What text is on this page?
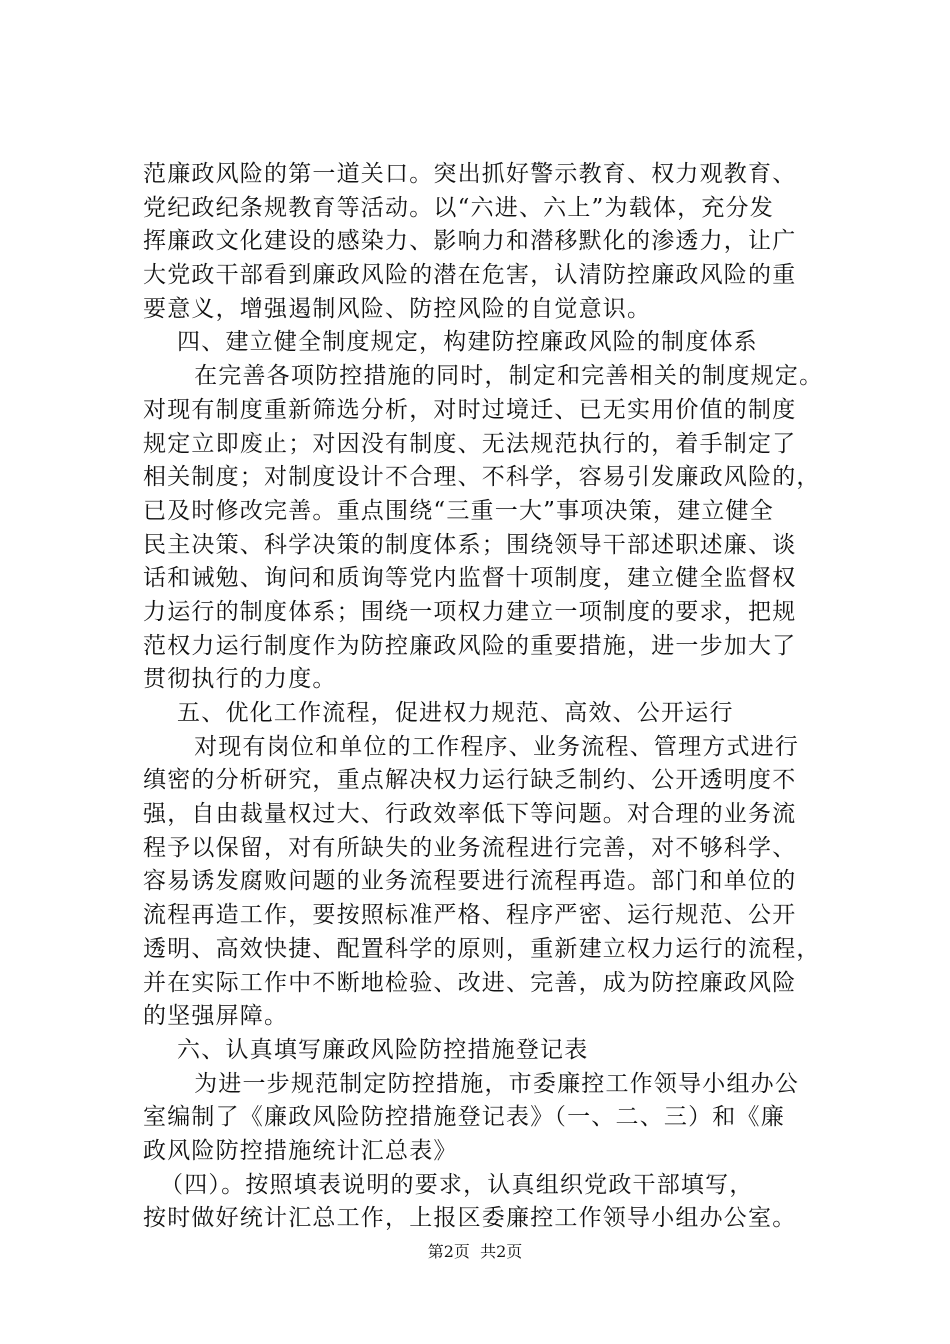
范廉政风险的第一道关口。突出抓好警示教育、权力观教育、
党纪政纪条规教育等活动。以“六进、六上”为载体，充分发
挥廉政文化建设的感染力、影响力和潜移默化的渗透力，让广
大党政干部看到廉政风险的潜在危害，认清防控廉政风险的重
要意义，增强遏制风险、防控风险的自觉意识。
四、建立健全制度规定，构建防控廉政风险的制度体系
在完善各项防控措施的同时，制定和完善相关的制度规定。
对现有制度重新筛选分析，对时过境迁、已无实用价值的制度
规定立即废止；对因没有制度、无法规范执行的，着手制定了
相关制度；对制度设计不合理、不科学，容易引发廉政风险的，
已及时修改完善。重点围绕“三重一大”事项决策，建立健全
民主决策、科学决策的制度体系；围绕领导干部述职述廉、谈
话和诫勉、询问和质询等党内监督十项制度，建立健全监督权
力运行的制度体系；围绕一项权力建立一项制度的要求，把规
范权力运行制度作为防控廉政风险的重要措施，进一步加大了
贯彻执行的力度。
五、优化工作流程，促进权力规范、高效、公开运行
对现有岗位和单位的工作程序、业务流程、管理方式进行
缜密的分析研究，重点解决权力运行缺乏制约、公开透明度不
强，自由裁量权过大、行政效率低下等问题。对合理的业务流
程予以保留，对有所缺失的业务流程进行完善，对不够科学、
容易诱发腐败问题的业务流程要进行流程再造。部门和单位的
流程再造工作，要按照标准严格、程序严密、运行规范、公开
透明、高效快捷、配置科学的原则，重新建立权力运行的流程，
并在实际工作中不断地检验、改进、完善，成为防控廉政风险
的坚强屏障。
六、认真填写廉政风险防控措施登记表
为进一步规范制定防控措施，市委廉控工作领导小组办公
室编制了《廉政风险防控措施登记表》（一、二、三）和《廉
政风险防控措施统计汇总表》
（四）。按照填表说明的要求，认真组织党政干部填写，
按时做好统计汇总工作，上报区委廉控工作领导小组办公室。
第2页  共2页
